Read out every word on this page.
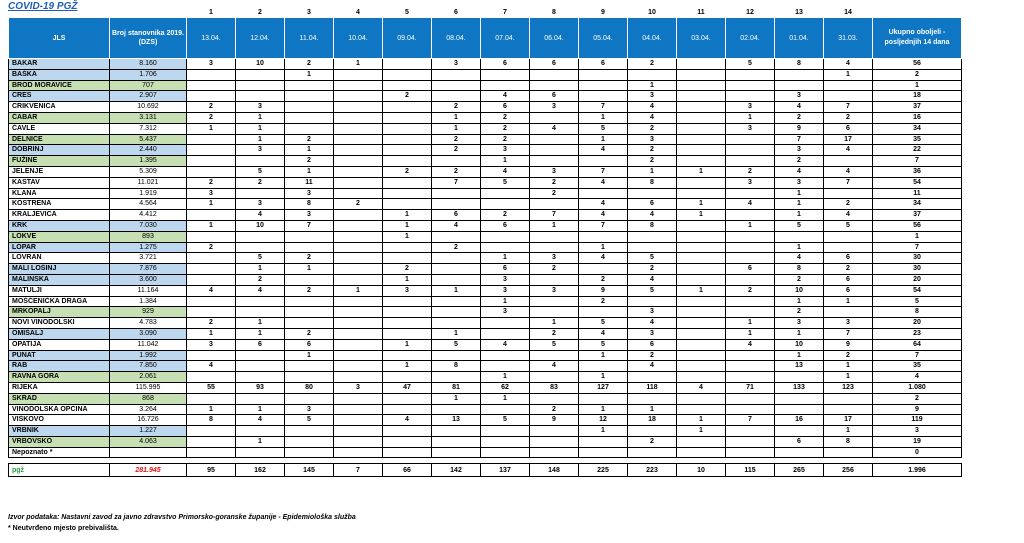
COVID-19 PGŽ
			1	2	3	4	5	6	7	8	9	10	11	12	13	14	
JLS	Broj stanovnika 2019. (DZS)	13.04.	12.04.	11.04.	10.04.	09.04.	08.04.	07.04.	06.04.	05.04.	04.04.	03.04.	02.04.	01.04.	31.03.	Ukupno oboljeli - posljednjih 14 dana
BAKAR	8.160	3	10	2	1		3	6	6	6	2		5	8	4	56
BAŠKA	1.706			1											1	2
BROD MORAVICE	707										1					1
CRES	2.907					2		4	6		3			3		18
CRIKVENICA	10.692	2	3				2	6	3	7	4		3	4	7	37
ČABAR	3.131	2	1				1	2		1	4		1	2	2	16
ČAVLE	7.312	1	1				1	2	4	5	2		3	9	6	34
DELNICE	5.437		1	2			2	2		1	3			7	17	35
DOBRINJ	2.440		3	1			2	3		4	2			3	4	22
FUŽINE	1.395			2				1			2			2		7
JELENJE	5.309		5	1		2	2	4	3	7	1	1	2	4	4	36
KASTAV	11.021	2	2	11			7	5	2	4	8		3	3	7	54
KLANA	1.919	3		3					2					1		11
KOSTRENA	4.564	1	3	8	2					4	6	1	4	1	2	34
KRALJEVICA	4.412		4	3		1	6	2	7	4	4	1		1	4	37
KRK	7.030	1	10	7		1	4	6	1	7	8		1	5	5	56
LOKVE	893					1										1
LOPAR	1.275	2					2			1				1		7
LOVRAN	3.721		5	2				1	3	4	5			4	6	30
MALI LOŠINJ	7.876		1	1		2		6	2		2		6	8	2	30
MALINSKA	3.600		2			1		3		2	4			2	6	20
MATULJI	11.164	4	4	2	1	3	1	3	3	9	5	1	2	10	6	54
MOŠĆENIČKA DRAGA	1.384							1		2				1	1	5
MRKOPALJ	929							3			3			2		8
NOVI VINODOLSKI	4.783	2	1						1	5	4		1	3	3	20
OMIŠALJ	3.090	1	1	2			1		2	4	3		1	1	7	23
OPATIJA	11.042	3	6	6		1	5	4	5	5	6		4	10	9	64
PUNAT	1.992			1						1	2			1	2	7
RAB	7.850	4				1	8		4		4			13	1	35
RAVNA GORA	2.061							1		1					1	4
RIJEKA	115.995	55	93	80	3	47	81	62	83	127	118	4	71	133	123	1.080
SKRAD	868						1	1								2
VINODOLSKA OPĆINA	3.264	1	1	3					2	1	1					9
VIŠKOVO	16.726	8	4	5		4	13	5	9	12	18	1	7	16	17	119
VRBNIK	1.227									1		1			1	3
VRBOVSKO	4.063		1								2			6	8	19
Nepoznato *																0

pgž	281.945	95	162	145	7	66	142	137	148	225	223	10	115	265	256	1.996
Izvor podataka: Nastavni zavod za javno zdravstvo Primorsko-goranske županije - Epidemiološka služba
* Neutvrđeno mjesto prebivališta.
